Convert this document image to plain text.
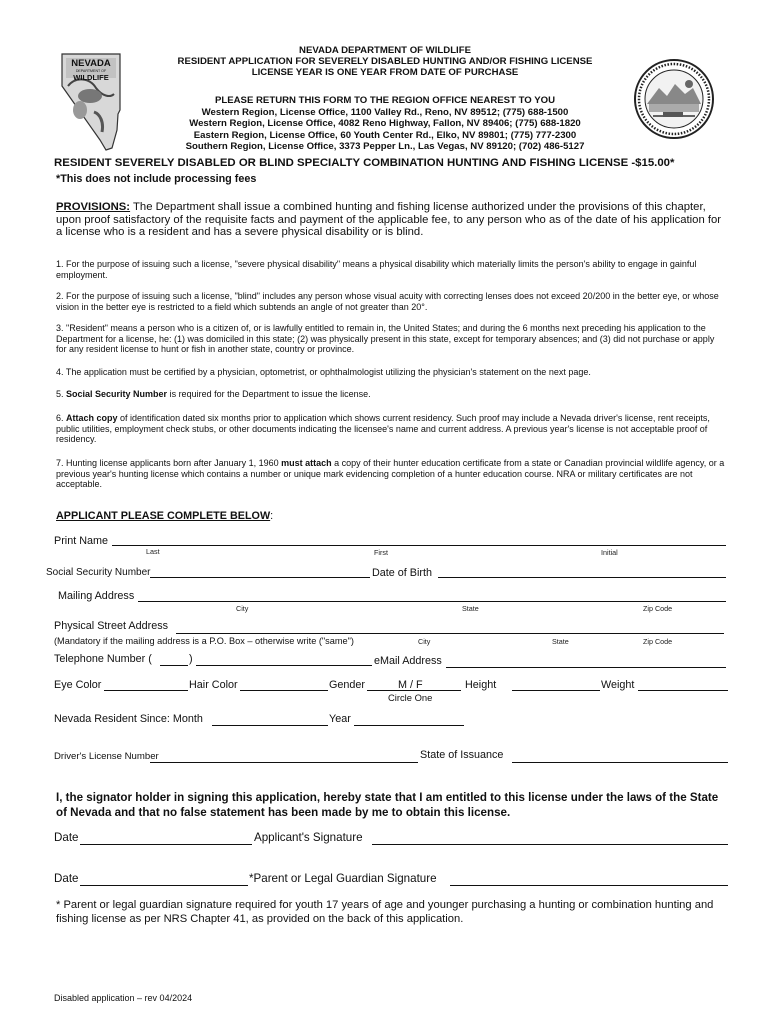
NEVADA
DEPARTMENT OF
WILDLIFE
NEVADA DEPARTMENT OF WILDLIFE
RESIDENT APPLICATION FOR SEVERELY DISABLED HUNTING AND/OR FISHING LICENSE
LICENSE YEAR IS ONE YEAR FROM DATE OF PURCHASE
PLEASE RETURN THIS FORM TO THE REGION OFFICE NEAREST TO YOU
Western Region, License Office, 1100 Valley Rd., Reno, NV 89512; (775) 688-1500
Western Region, License Office, 4082 Reno Highway, Fallon, NV 89406; (775) 688-1820
Eastern Region, License Office, 60 Youth Center Rd., Elko, NV 89801; (775) 777-2300
Southern Region, License Office, 3373 Pepper Ln., Las Vegas, NV 89120; (702) 486-5127
RESIDENT SEVERELY DISABLED OR BLIND SPECIALTY COMBINATION HUNTING AND FISHING LICENSE -$15.00*
*This does not include processing fees
PROVISIONS: The Department shall issue a combined hunting and fishing license authorized under the provisions of this chapter, upon proof satisfactory of the requisite facts and payment of the applicable fee, to any person who as of the date of his application for a license who is a resident and has a severe physical disability or is blind.
1. For the purpose of issuing such a license, "severe physical disability" means a physical disability which materially limits the person's ability to engage in gainful employment.
2. For the purpose of issuing such a license, "blind" includes any person whose visual acuity with correcting lenses does not exceed 20/200 in the better eye, or whose vision in the better eye is restricted to a field which subtends an angle of not greater than 20°.
3. "Resident" means a person who is a citizen of, or is lawfully entitled to remain in, the United States; and during the 6 months next preceding his application to the Department for a license, he: (1) was domiciled in this state; (2) was physically present in this state, except for temporary absences; and (3) did not purchase or apply for any resident license to hunt or fish in another state, country or province.
4. The application must be certified by a physician, optometrist, or ophthalmologist utilizing the physician's statement on the next page.
5. Social Security Number is required for the Department to issue the license.
6. Attach copy of identification dated six months prior to application which shows current residency. Such proof may include a Nevada driver's license, rent receipts, public utilities, employment check stubs, or other documents indicating the licensee's name and current address. A previous year's license is not acceptable proof of residency.
7. Hunting license applicants born after January 1, 1960 must attach a copy of their hunter education certificate from a state or Canadian provincial wildlife agency, or a previous year's hunting license which contains a number or unique mark evidencing completion of a hunter education course. NRA or military certificates are not acceptable.
APPLICANT PLEASE COMPLETE BELOW:
Print Name
Last	First	Initial
Social Security Number	Date of Birth
Mailing Address
City	State	Zip Code
Physical Street Address
(Mandatory if the mailing address is a P.O. Box – otherwise write ("same")	City	State	Zip Code
Telephone Number (	)	eMail Address
Eye Color	Hair Color	Gender	M / F
Circle One
Height	Weight
Nevada Resident Since: Month	Year
Driver's License Number	State of Issuance
I, the signator holder in signing this application, hereby state that I am entitled to this license under the laws of the State of Nevada and that no false statement has been made by me to obtain this license.
Date	Applicant's Signature
Date	*Parent or Legal Guardian Signature
* Parent or legal guardian signature required for youth 17 years of age and younger purchasing a hunting or combination hunting and fishing license as per NRS Chapter 41, as provided on the back of this application.
Disabled application – rev 04/2024
